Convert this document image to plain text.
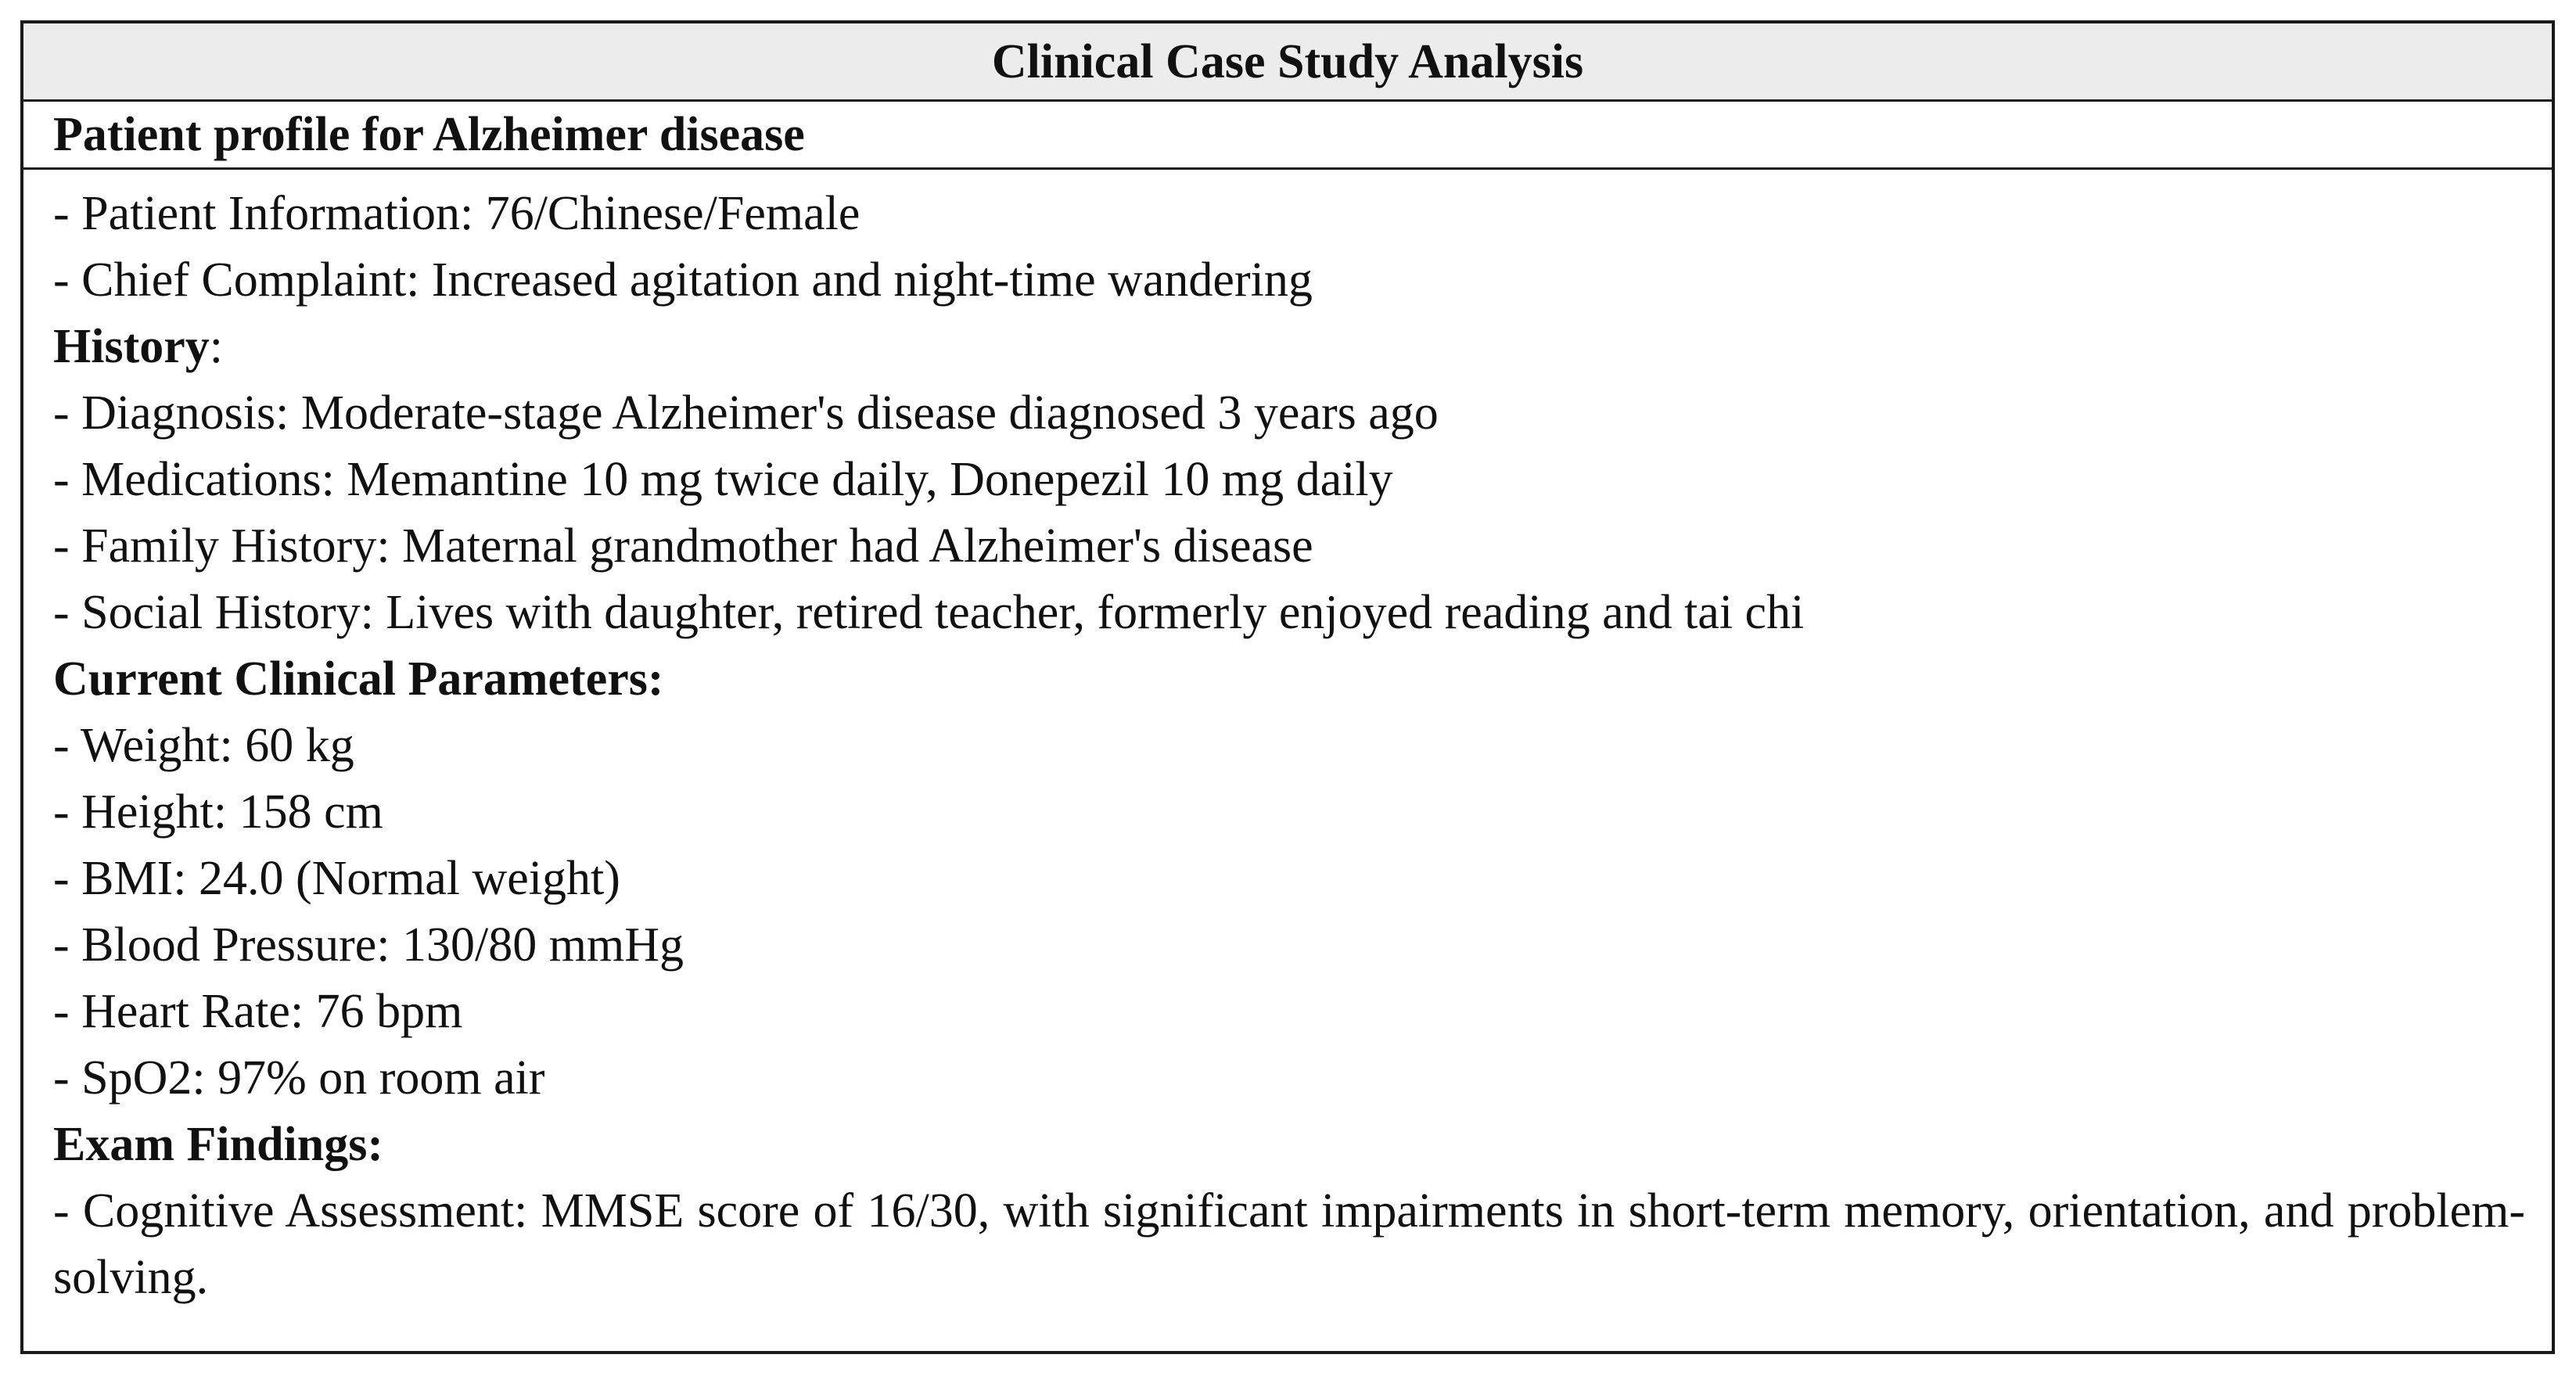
Clinical Case Study Analysis
Patient profile for Alzheimer disease
- Patient Information: 76/Chinese/Female
- Chief Complaint: Increased agitation and night-time wandering
History:
- Diagnosis: Moderate-stage Alzheimer's disease diagnosed 3 years ago
- Medications: Memantine 10 mg twice daily, Donepezil 10 mg daily
- Family History: Maternal grandmother had Alzheimer's disease
- Social History: Lives with daughter, retired teacher, formerly enjoyed reading and tai chi
Current Clinical Parameters:
- Weight: 60 kg
- Height: 158 cm
- BMI: 24.0 (Normal weight)
- Blood Pressure: 130/80 mmHg
- Heart Rate: 76 bpm
- SpO2: 97% on room air
Exam Findings:
- Cognitive Assessment: MMSE score of 16/30, with significant impairments in short-term memory, orientation, and problem-solving.
